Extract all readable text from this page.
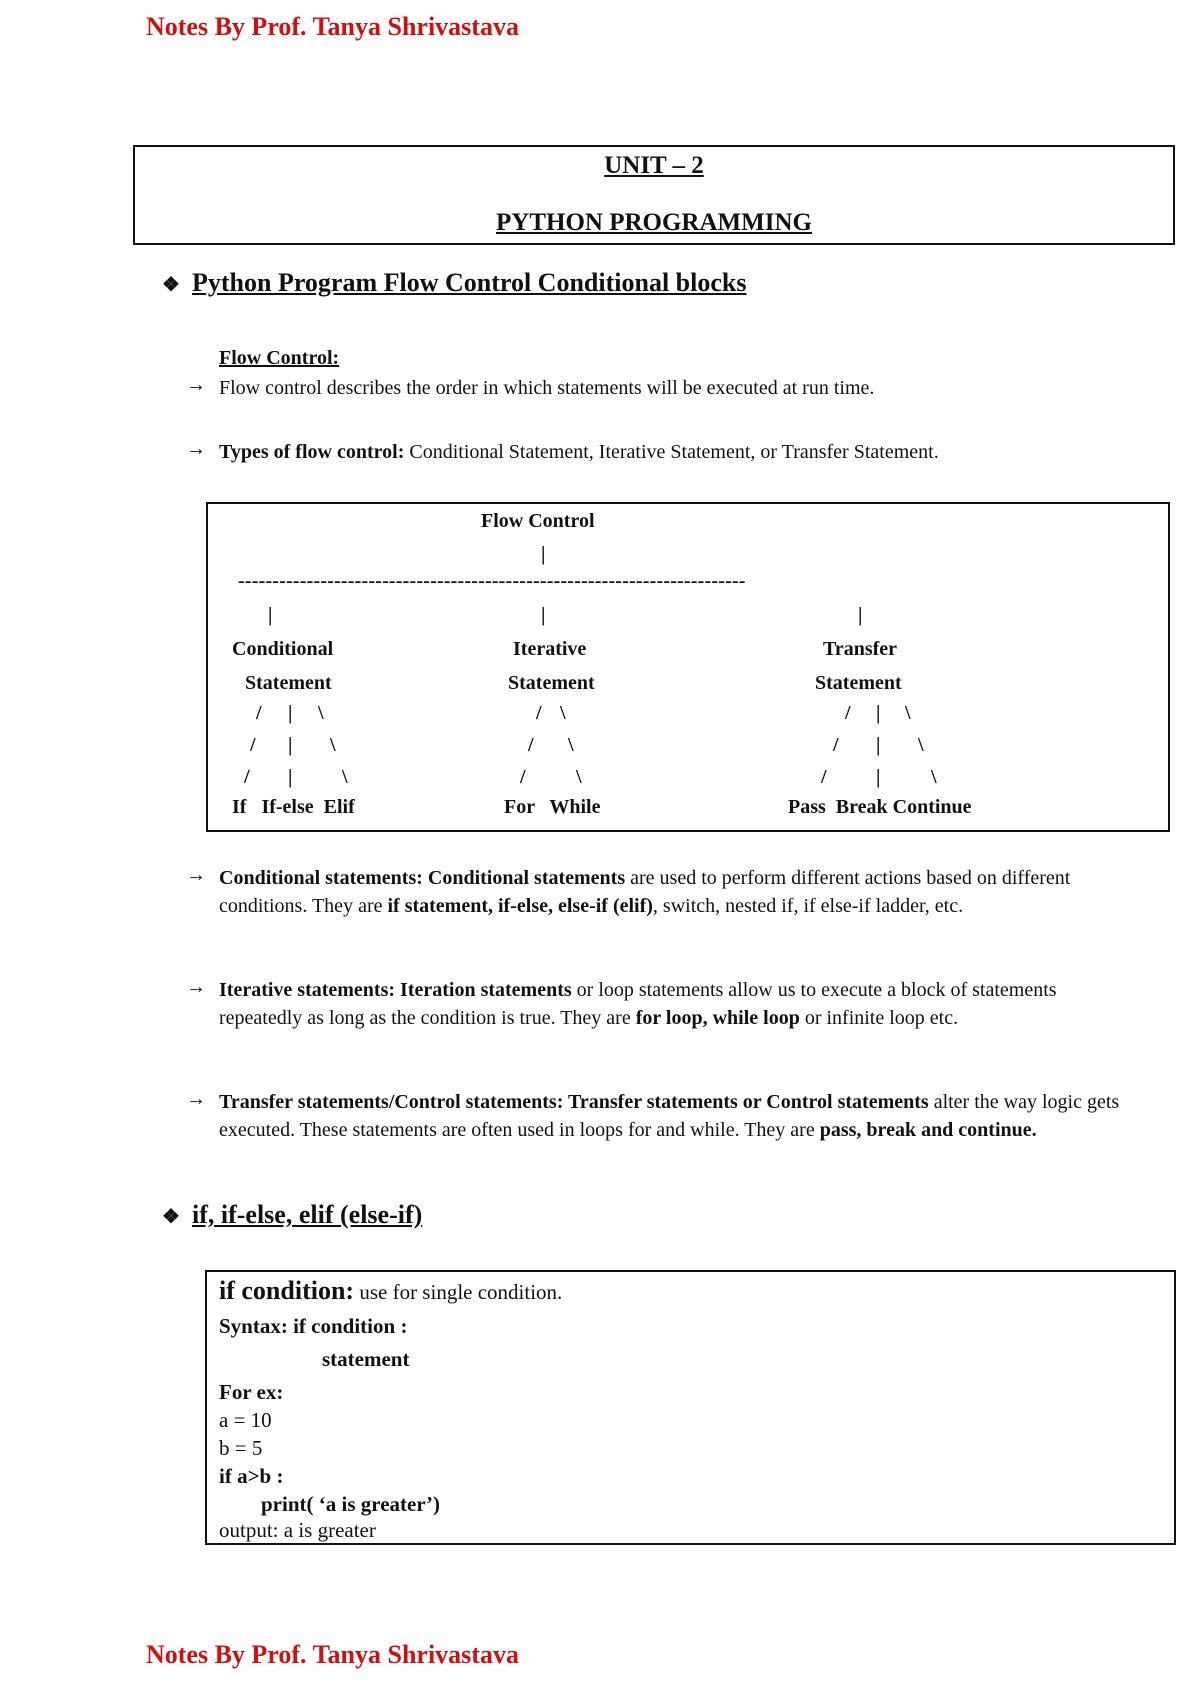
Notes By Prof. Tanya Shrivastava
UNIT – 2
PYTHON PROGRAMMING
❖ Python Program Flow Control Conditional blocks
Flow Control:
→ Flow control describes the order in which statements will be executed at run time.
→ Types of flow control: Conditional Statement, Iterative Statement, or Transfer Statement.
Flow Control
|
--------------------------------------------------------------------------
|	|	|
Conditional
Statement
Iterative
Statement
Transfer
Statement
/ | \
/ | \
/ | \
/ \
/ \
/	\
/ | \
/ | \
/ |	\
If   If-else  Elif	For   While	Pass  Break Continue
→ Conditional statements: Conditional statements are used to perform different actions based on different conditions. They are if statement, if-else, else-if (elif), switch, nested if, if else-if ladder, etc.
→ Iterative statements: Iteration statements or loop statements allow us to execute a block of statements repeatedly as long as the condition is true. They are for loop, while loop or infinite loop etc.
→ Transfer statements/Control statements: Transfer statements or Control statements alter the way logic gets executed. These statements are often used in loops for and while. They are pass, break and continue.
❖ if, if-else, elif (else-if)
if condition: use for single condition.
Syntax: if condition :
statement
For ex:
a = 10
b = 5
if a>b :
print( ‘a is greater’)
output: a is greater
Notes By Prof. Tanya Shrivastava
